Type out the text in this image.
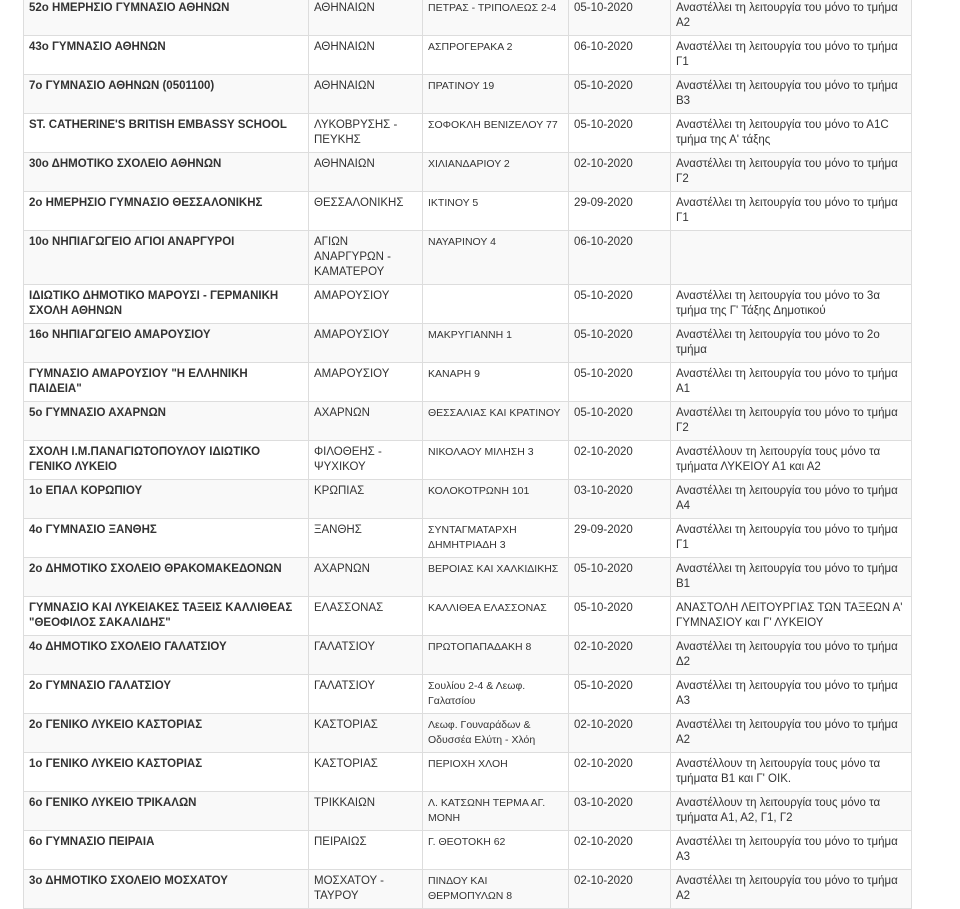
52ο ΗΜΕΡΗΣΙΟ ΓΥΜΝΑΣΙΟ ΑΘΗΝΩΝ	ΑΘΗΝΑΙΩΝ	ΠΕΤΡΑΣ - ΤΡΙΠΟΛΕΩΣ 2-4	05-10-2020	Αναστέλλει τη λειτουργία του μόνο το τμήμα Α2
43ο ΓΥΜΝΑΣΙΟ ΑΘΗΝΩΝ	ΑΘΗΝΑΙΩΝ	ΑΣΠΡΟΓΕΡΑΚΑ 2	06-10-2020	Αναστέλλει τη λειτουργία του μόνο το τμήμα Γ1
7ο ΓΥΜΝΑΣΙΟ ΑΘΗΝΩΝ (0501100)	ΑΘΗΝΑΙΩΝ	ΠΡΑΤΙΝΟΥ 19	05-10-2020	Αναστέλλει τη λειτουργία του μόνο το τμήμα Β3
ST. CATHERINE'S BRITISH EMBASSY SCHOOL	ΛΥΚΟΒΡΥΣΗΣ - ΠΕΥΚΗΣ	ΣΟΦΟΚΛΗ ΒΕΝΙΖΕΛΟΥ 77	05-10-2020	Αναστέλλει τη λειτουργία του μόνο το Α1C τμήμα της Α' τάξης
30ο ΔΗΜΟΤΙΚΟ ΣΧΟΛΕΙΟ ΑΘΗΝΩΝ	ΑΘΗΝΑΙΩΝ	ΧΙΛΙΑΝΔΑΡΙΟΥ 2	02-10-2020	Αναστέλλει τη λειτουργία του μόνο το τμήμα Γ2
2ο ΗΜΕΡΗΣΙΟ ΓΥΜΝΑΣΙΟ ΘΕΣΣΑΛΟΝΙΚΗΣ	ΘΕΣΣΑΛΟΝΙΚΗΣ	ΙΚΤΙΝΟΥ 5	29-09-2020	Αναστέλλει τη λειτουργία του μόνο το τμήμα Γ1
10ο ΝΗΠΙΑΓΩΓΕΙΟ ΑΓΙΟΙ ΑΝΑΡΓΥΡΟΙ	ΑΓΙΩΝ ΑΝΑΡΓΥΡΩΝ - ΚΑΜΑΤΕΡΟΥ	ΝΑΥΑΡΙΝΟΥ 4	06-10-2020	
ΙΔΙΩΤΙΚΟ ΔΗΜΟΤΙΚΟ ΜΑΡΟΥΣΙ - ΓΕΡΜΑΝΙΚΗ ΣΧΟΛΗ ΑΘΗΝΩΝ	ΑΜΑΡΟΥΣΙΟΥ		05-10-2020	Αναστέλλει τη λειτουργία του μόνο το 3α τμήμα της Γ' Τάξης Δημοτικού
16ο ΝΗΠΙΑΓΩΓΕΙΟ ΑΜΑΡΟΥΣΙΟΥ	ΑΜΑΡΟΥΣΙΟΥ	ΜΑΚΡΥΓΙΑΝΝΗ 1	05-10-2020	Αναστέλλει τη λειτουργία του μόνο το 2ο τμήμα
ΓΥΜΝΑΣΙΟ ΑΜΑΡΟΥΣΙΟΥ "Η ΕΛΛΗΝΙΚΗ ΠΑΙΔΕΙΑ"	ΑΜΑΡΟΥΣΙΟΥ	ΚΑΝΑΡΗ 9	05-10-2020	Αναστέλλει τη λειτουργία του μόνο το τμήμα Α1
5ο ΓΥΜΝΑΣΙΟ ΑΧΑΡΝΩΝ	ΑΧΑΡΝΩΝ	ΘΕΣΣΑΛΙΑΣ ΚΑΙ ΚΡΑΤΙΝΟΥ	05-10-2020	Αναστέλλει τη λειτουργία του μόνο το τμήμα Γ2
ΣΧΟΛΗ Ι.Μ.ΠΑΝΑΓΙΩΤΟΠΟΥΛΟΥ ΙΔΙΩΤΙΚΟ ΓΕΝΙΚΟ ΛΥΚΕΙΟ	ΦΙΛΟΘΕΗΣ - ΨΥΧΙΚΟΥ	ΝΙΚΟΛΑΟΥ ΜΙΛΗΣΗ 3	02-10-2020	Αναστέλλουν τη λειτουργία τους μόνο τα τμήματα ΛΥΚΕΙΟΥ Α1 και Α2
1ο ΕΠΑΛ ΚΟΡΩΠΙΟΥ	ΚΡΩΠΙΑΣ	ΚΟΛΟΚΟΤΡΩΝΗ 101	03-10-2020	Αναστέλλει τη λειτουργία του μόνο το τμήμα Α4
4ο ΓΥΜΝΑΣΙΟ ΞΑΝΘΗΣ	ΞΑΝΘΗΣ	ΣΥΝΤΑΓΜΑΤΑΡΧΗ ΔΗΜΗΤΡΙΑΔΗ 3	29-09-2020	Αναστέλλει τη λειτουργία του μόνο το τμήμα Γ1
2ο ΔΗΜΟΤΙΚΟ ΣΧΟΛΕΙΟ ΘΡΑΚΟΜΑΚΕΔΟΝΩΝ	ΑΧΑΡΝΩΝ	ΒΕΡΟΙΑΣ ΚΑΙ ΧΑΛΚΙΔΙΚΗΣ	05-10-2020	Αναστέλλει τη λειτουργία του μόνο το τμήμα Β1
ΓΥΜΝΑΣΙΟ ΚΑΙ ΛΥΚΕΙΑΚΕΣ ΤΑΞΕΙΣ ΚΑΛΛΙΘΕΑΣ "ΘΕΟΦΙΛΟΣ ΣΑΚΑΛΙΔΗΣ"	ΕΛΑΣΣΟΝΑΣ	ΚΑΛΛΙΘΕΑ ΕΛΑΣΣΟΝΑΣ	05-10-2020	ΑΝΑΣΤΟΛΗ ΛΕΙΤΟΥΡΓΙΑΣ ΤΩΝ ΤΑΞΕΩΝ Α' ΓΥΜΝΑΣΙΟΥ και Γ' ΛΥΚΕΙΟΥ
4ο ΔΗΜΟΤΙΚΟ ΣΧΟΛΕΙΟ ΓΑΛΑΤΣΙΟΥ	ΓΑΛΑΤΣΙΟΥ	ΠΡΩΤΟΠΑΠΑΔΑΚΗ 8	02-10-2020	Αναστέλλει τη λειτουργία του μόνο το τμήμα Δ2
2ο ΓΥΜΝΑΣΙΟ ΓΑΛΑΤΣΙΟΥ	ΓΑΛΑΤΣΙΟΥ	Σουλίου 2-4 & Λεωφ. Γαλατσίου	05-10-2020	Αναστέλλει τη λειτουργία του μόνο το τμήμα Α3
2ο ΓΕΝΙΚΟ ΛΥΚΕΙΟ ΚΑΣΤΟΡΙΑΣ	ΚΑΣΤΟΡΙΑΣ	Λεωφ. Γουναράδων & Οδυσσέα Ελύτη - Χλόη	02-10-2020	Αναστέλλει τη λειτουργία του μόνο το τμήμα Α2
1ο ΓΕΝΙΚΟ ΛΥΚΕΙΟ ΚΑΣΤΟΡΙΑΣ	ΚΑΣΤΟΡΙΑΣ	ΠΕΡΙΟΧΗ ΧΛΟΗ	02-10-2020	Αναστέλλουν τη λειτουργία τους μόνο τα τμήματα Β1 και Γ' ΟΙΚ.
6ο ΓΕΝΙΚΟ ΛΥΚΕΙΟ ΤΡΙΚΑΛΩΝ	ΤΡΙΚΚΑΙΩΝ	Λ. ΚΑΤΣΩΝΗ ΤΕΡΜΑ ΑΓ. ΜΟΝΗ	03-10-2020	Αναστέλλουν τη λειτουργία τους μόνο τα τμήματα Α1, Α2, Γ1, Γ2
6ο ΓΥΜΝΑΣΙΟ ΠΕΙΡΑΙΑ	ΠΕΙΡΑΙΩΣ	Γ. ΘΕΟΤΟΚΗ 62	02-10-2020	Αναστέλλει τη λειτουργία του μόνο το τμήμα Α3
3ο ΔΗΜΟΤΙΚΟ ΣΧΟΛΕΙΟ ΜΟΣΧΑΤΟΥ	ΜΟΣΧΑΤΟΥ - ΤΑΥΡΟΥ	ΠΙΝΔΟΥ ΚΑΙ ΘΕΡΜΟΠΥΛΩΝ 8	02-10-2020	Αναστέλλει τη λειτουργία του μόνο το τμήμα Α2
